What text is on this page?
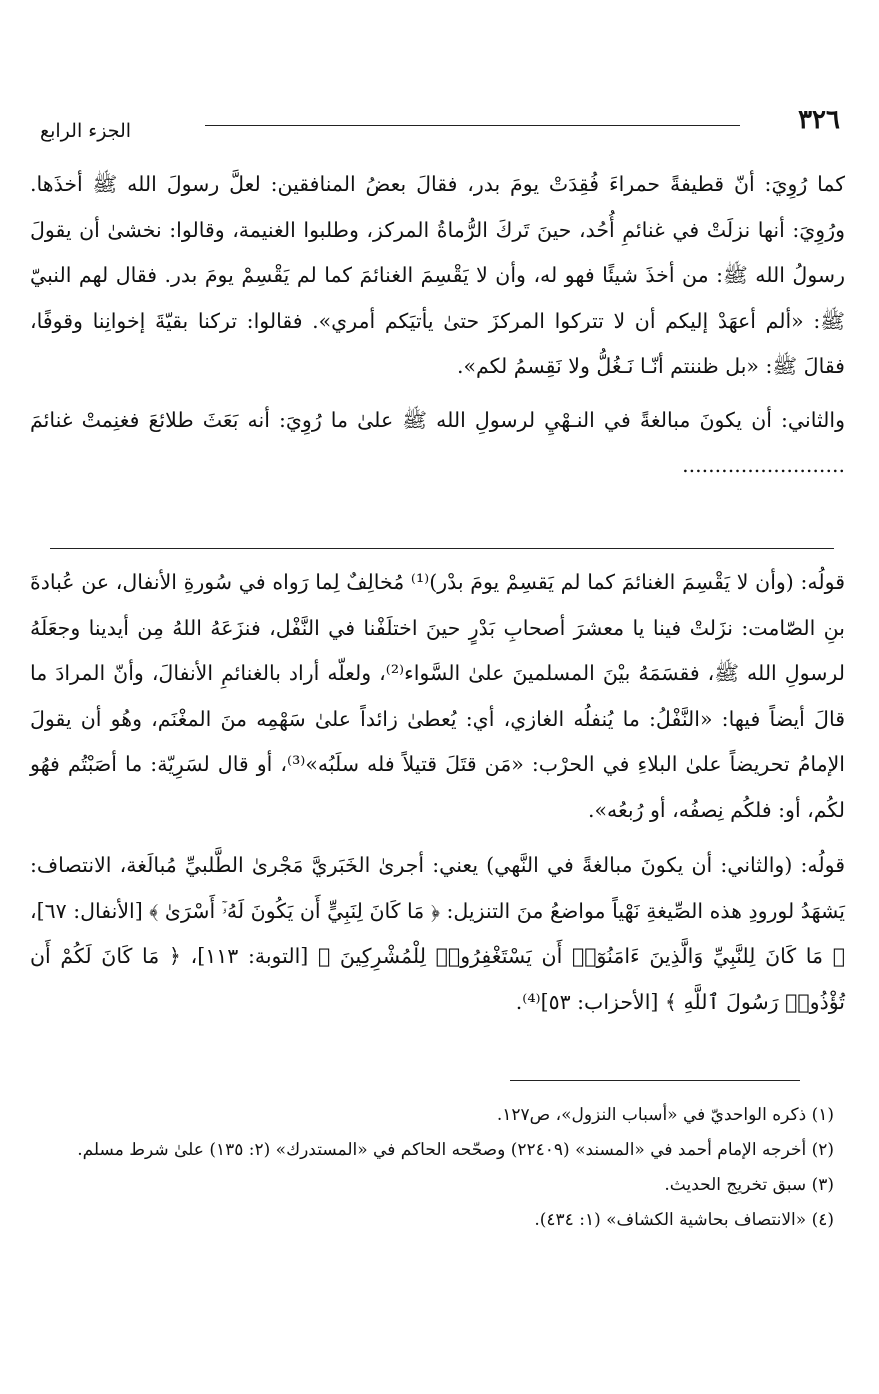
٣٢٦
الجزء الرابع

كما رُوِيَ: أنّ قطيفةً حمراءَ فُقِدَتْ يومَ بدر، فقالَ بعضُ المنافقين: لعلَّ رسولَ الله ﷺ أخذَها. ورُوِيَ: أنها نزلَتْ في غنائمِ أُحُد، حينَ تَركَ الرُّماةُ المركز، وطلبوا الغنيمة، وقالوا: نخشىٰ أن يقولَ رسولُ الله ﷺ: من أخذَ شيئًا فهو له، وأن لا يَقْسِمَ الغنائمَ كما لم يَقْسِمْ يومَ بدر. فقال لهم النبيّ ﷺ: «ألم أعهَدْ إليكم أن لا تتركوا المركزَ حتىٰ يأتيَكم أمري». فقالوا: تركنا بقيّةَ إخوانِنا وقوفًا، فقالَ ﷺ: «بل ظننتم أنّـا نَـغُلُّ ولا نَقِسمُ لكم».

والثاني: أن يكونَ مبالغةً في النـهْيِ لرسولِ الله ﷺ علىٰ ما رُوِيَ: أنه بَعَثَ طلائعَ فغنِمتْ غنائمَ .........................

قولُه: (وأن لا يَقْسِمَ الغنائمَ كما لم يَقسِمْ يومَ بدْر)⁽¹⁾ مُخالِفٌ لِما رَواه في سُورةِ الأنفال، عن عُبادةَ بنِ الصّامت: نزَلتْ فينا يا معشرَ أصحابِ بَدْرٍ حينَ اختلَفْنا في النَّفْل، فنزَعَهُ اللهُ مِن أيدينا وجعَلَهُ لرسولِ الله ﷺ، فقسَمَهُ بيْنَ المسلمينَ علىٰ السَّواء⁽²⁾، ولعلّه أراد بالغنائمِ الأنفالَ، وأنّ المرادَ ما قالَ أيضاً فيها: «النَّفْلُ: ما يُنفلُه الغازي، أي: يُعطىٰ زائداً علىٰ سَهْمِه منَ المغْنَم، وهُو أن يقولَ الإمامُ تحريضاً علىٰ البلاءِ في الحرْب: «مَن قتَلَ قتيلاً فله سلَبُه»⁽³⁾، أو قال لسَرِيّة: ما أصَبْتُم فهُو لكُم، أو: فلكُم نِصفُه، أو رُبعُه».

قولُه: (والثاني: أن يكونَ مبالغةً في النَّهي) يعني: أجرىٰ الخَبَريَّ مَجْرىٰ الطَّلبيِّ مُبالَغة، الانتصاف: يَشهَدُ لورودِ هذه الصِّيغةِ نَهْياً مواضعُ منَ التنزيل: ﴿ مَا كَانَ لِنَبِيٍّ أَن يَكُونَ لَهُۥٓ أَسْرَىٰ ﴾ [الأنفال: ٦٧]، ﴿ مَا كَانَ لِلنَّبِيِّ وَالَّذِينَ ءَامَنُوٓا۟ أَن يَسْتَغْفِرُوا۟ لِلْمُشْرِكِينَ ﴾ [التوبة: ١١٣]، ﴿ مَا كَانَ لَكُمْ أَن تُؤْذُوا۟ رَسُولَ ٱللَّهِ ﴾ [الأحزاب: ٥٣]⁽⁴⁾.

(١) ذكره الواحديّ في «أسباب النزول»، ص١٢٧.
(٢) أخرجه الإمام أحمد في «المسند» (٢٢٤٠٩) وصحّحه الحاكم في «المستدرك» (٢: ١٣٥) علىٰ شرط مسلم.
(٣) سبق تخريج الحديث.
(٤) «الانتصاف بحاشية الكشاف» (١: ٤٣٤).
